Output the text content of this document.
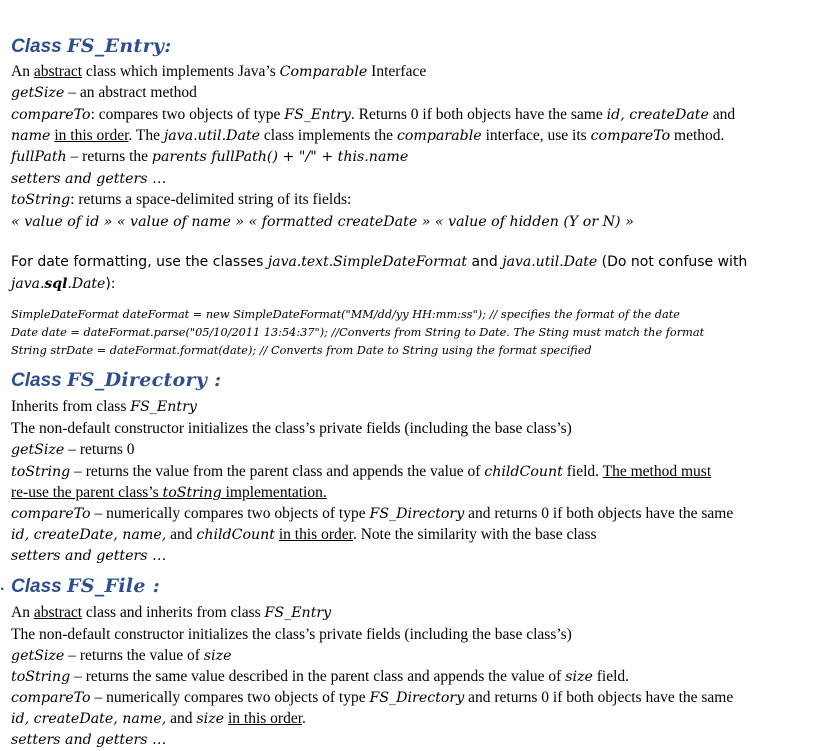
Class FS_Entry:
An abstract class which implements Java’s Comparable Interface
getSize – an abstract method
compareTo: compares two objects of type FS_Entry. Returns 0 if both objects have the same id, createDate and
name in this order. The java.util.Date class implements the comparable interface, use its compareTo method.
fullPath – returns the parents fullPath() + "/" + this.name
setters and getters …
toString: returns a space-delimited string of its fields:
« value of id » « value of name » « formatted createDate » « value of hidden (Y or N) »
For date formatting, use the classes java.text.SimpleDateFormat and java.util.Date (Do not confuse with
java.sql.Date):
SimpleDateFormat dateFormat = new SimpleDateFormat("MM/dd/yy HH:mm:ss"); // specifies the format of the date
Date date = dateFormat.parse("05/10/2011 13:54:37"); //Converts from String to Date. The Sting must match the format
String strDate = dateFormat.format(date); // Converts from Date to String using the format specified
Class FS_Directory :
Inherits from class FS_Entry
The non-default constructor initializes the class’s private fields (including the base class’s)
getSize – returns 0
toString – returns the value from the parent class and appends the value of childCount field. The method must
re-use the parent class’s toString implementation.
compareTo – numerically compares two objects of type FS_Directory and returns 0 if both objects have the same
id, createDate, name, and childCount in this order. Note the similarity with the base class
setters and getters …
. Class FS_File :
An abstract class and inherits from class FS_Entry
The non-default constructor initializes the class’s private fields (including the base class’s)
getSize – returns the value of size
toString – returns the same value described in the parent class and appends the value of size field.
compareTo – numerically compares two objects of type FS_Directory and returns 0 if both objects have the same
id, createDate, name, and size in this order.
setters and getters …
